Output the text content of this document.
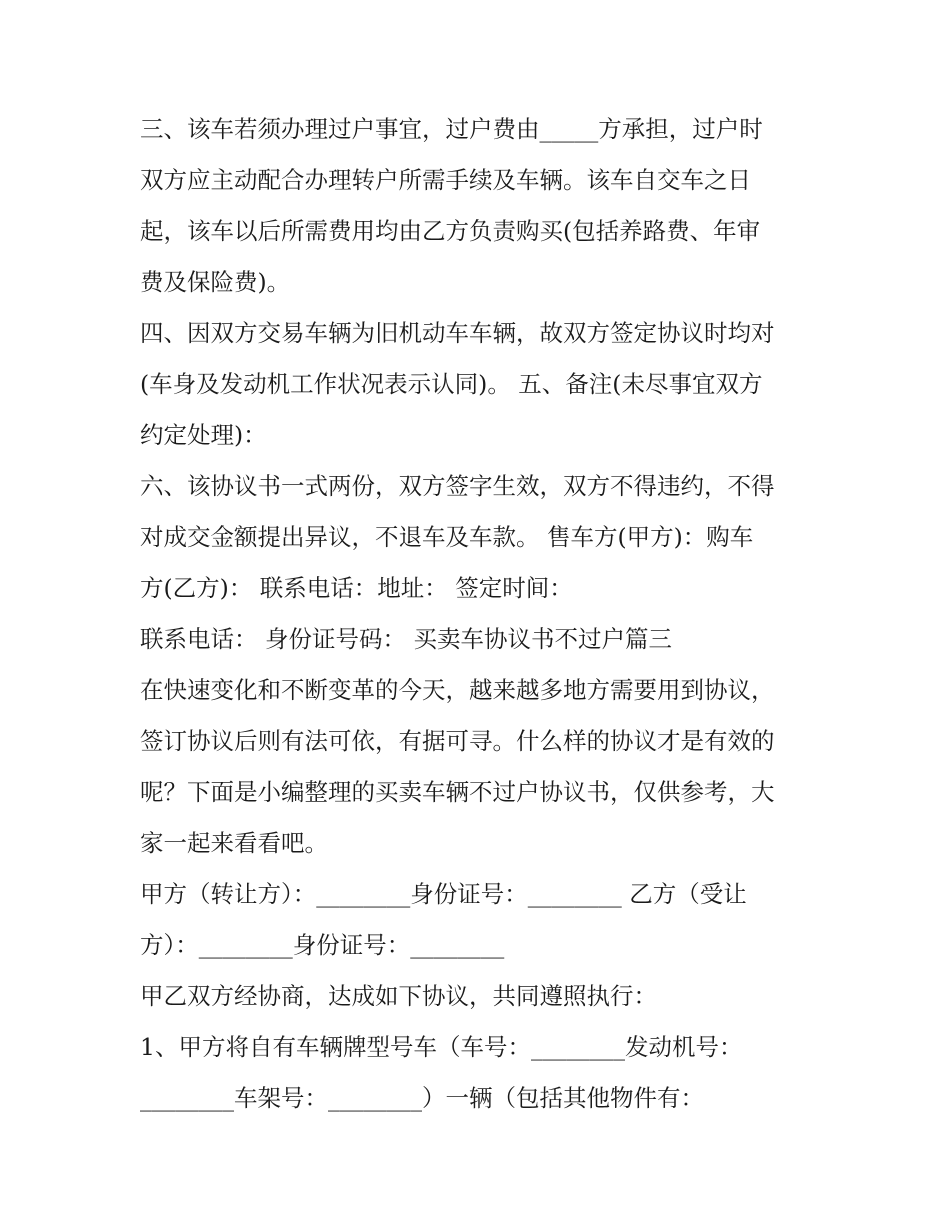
三、该车若须办理过户事宜，过户费由_____方承担，过户时
双方应主动配合办理转户所需手续及车辆。该车自交车之日
起，该车以后所需费用均由乙方负责购买(包括养路费、年审
费及保险费)。
四、因双方交易车辆为旧机动车车辆，故双方签定协议时均对
(车身及发动机工作状况表示认同)。 五、备注(未尽事宜双方
约定处理)：
六、该协议书一式两份，双方签字生效，双方不得违约，不得
对成交金额提出异议，不退车及车款。 售车方(甲方)：购车
方(乙方)： 联系电话：地址： 签定时间：
联系电话： 身份证号码： 买卖车协议书不过户篇三
在快速变化和不断变革的今天，越来越多地方需要用到协议，
签订协议后则有法可依，有据可寻。什么样的协议才是有效的
呢？下面是小编整理的买卖车辆不过户协议书，仅供参考，大
家一起来看看吧。
甲方（转让方）：________身份证号：________ 乙方（受让
方）：________身份证号：________
甲乙双方经协商，达成如下协议，共同遵照执行：
1、甲方将自有车辆牌型号车（车号：________发动机号：
________车架号：________）一辆（包括其他物件有：
